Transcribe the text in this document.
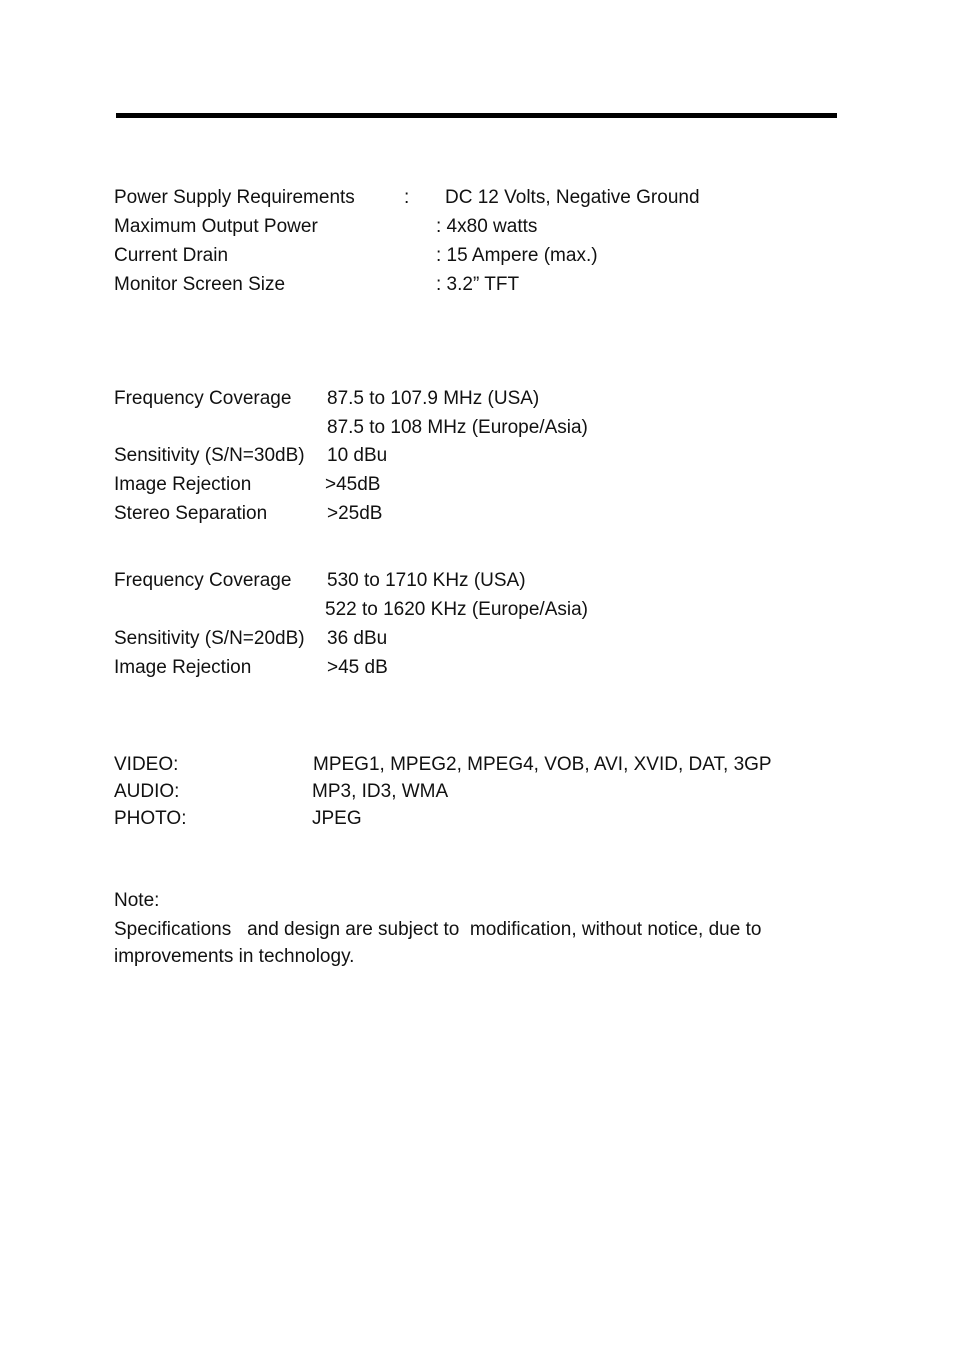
Power Supply Requirements	: DC 12 Volts, Negative Ground
Maximum Output Power	: 4x80 watts
Current Drain	: 15 Ampere (max.)
Monitor Screen Size	: 3.2” TFT
Frequency Coverage 87.5 to 107.9 MHz (USA)
87.5 to 108 MHz (Europe/Asia)
Sensitivity (S/N=30dB) 10 dBu
Image Rejection	>45dB
Stereo Separation	>25dB
Frequency Coverage 530 to 1710 KHz (USA)
522 to 1620 KHz (Europe/Asia)
Sensitivity (S/N=20dB) 36 dBu
Image Rejection	>45 dB
VIDEO:	MPEG1, MPEG2, MPEG4, VOB, AVI, XVID, DAT, 3GP
AUDIO:	MP3, ID3, WMA
PHOTO:	JPEG
Note:
Specifications   and design are subject to  modification, without notice, due to improvements in technology.
